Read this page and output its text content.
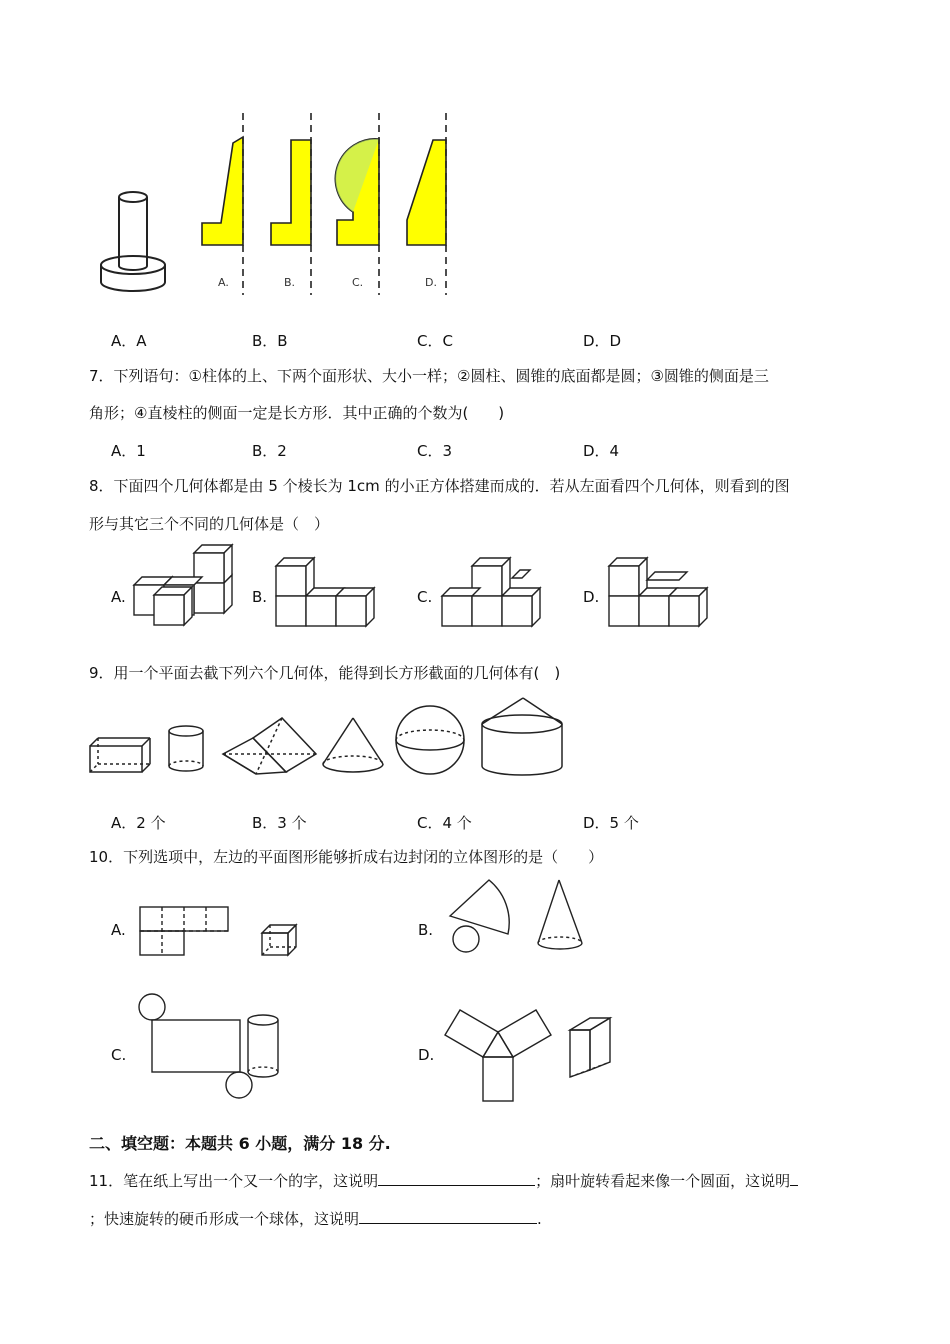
A.	B.	C.	D.
A．A	B．B	C．C	D．D
7．下列语句：①柱体的上、下两个面形状、大小一样；②圆柱、圆锥的底面都是圆；③圆锥的侧面是三
角形；④直棱柱的侧面一定是长方形．其中正确的个数为(　　)
A．1	B．2	C．3	D．4
8．下面四个几何体都是由 5 个棱长为 1cm 的小正方体搭建而成的．若从左面看四个几何体，则看到的图
形与其它三个不同的几何体是（　）
A.	B.	C.	D.
9．用一个平面去截下列六个几何体，能得到长方形截面的几何体有(　)
A．2 个	B．3 个	C．4 个	D．5 个
10．下列选项中，左边的平面图形能够折成右边封闭的立体图形的是（　　）
A.	B.
C.	D.
二、填空题：本题共 6 小题，满分 18 分.
11．笔在纸上写出一个又一个的字，这说明	；扇叶旋转看起来像一个圆面，这说明
；快速旋转的硬币形成一个球体，这说明	.
